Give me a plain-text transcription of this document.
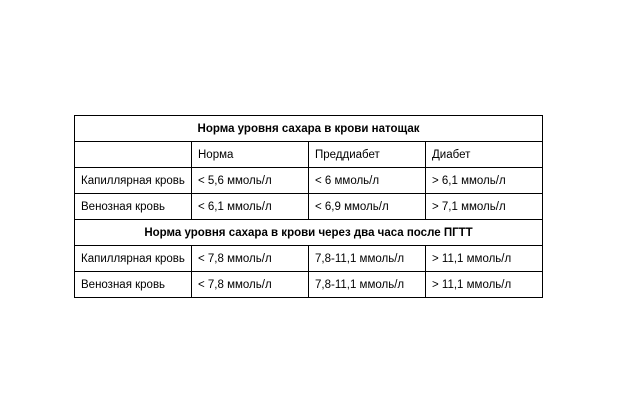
Норма уровня сахара в крови натощак			
	Норма	Преддиабет	Диабет
Капиллярная кровь	< 5,6 ммоль/л	< 6 ммоль/л	> 6,1 ммоль/л
Венозная кровь	< 6,1 ммоль/л	< 6,9 ммоль/л	> 7,1 ммоль/л
Норма уровня сахара в крови через два часа после ПГТТ			
Капиллярная кровь	< 7,8 ммоль/л	7,8-11,1 ммоль/л	> 11,1 ммоль/л
Венозная кровь	< 7,8 ммоль/л	7,8-11,1 ммоль/л	> 11,1 ммоль/л
